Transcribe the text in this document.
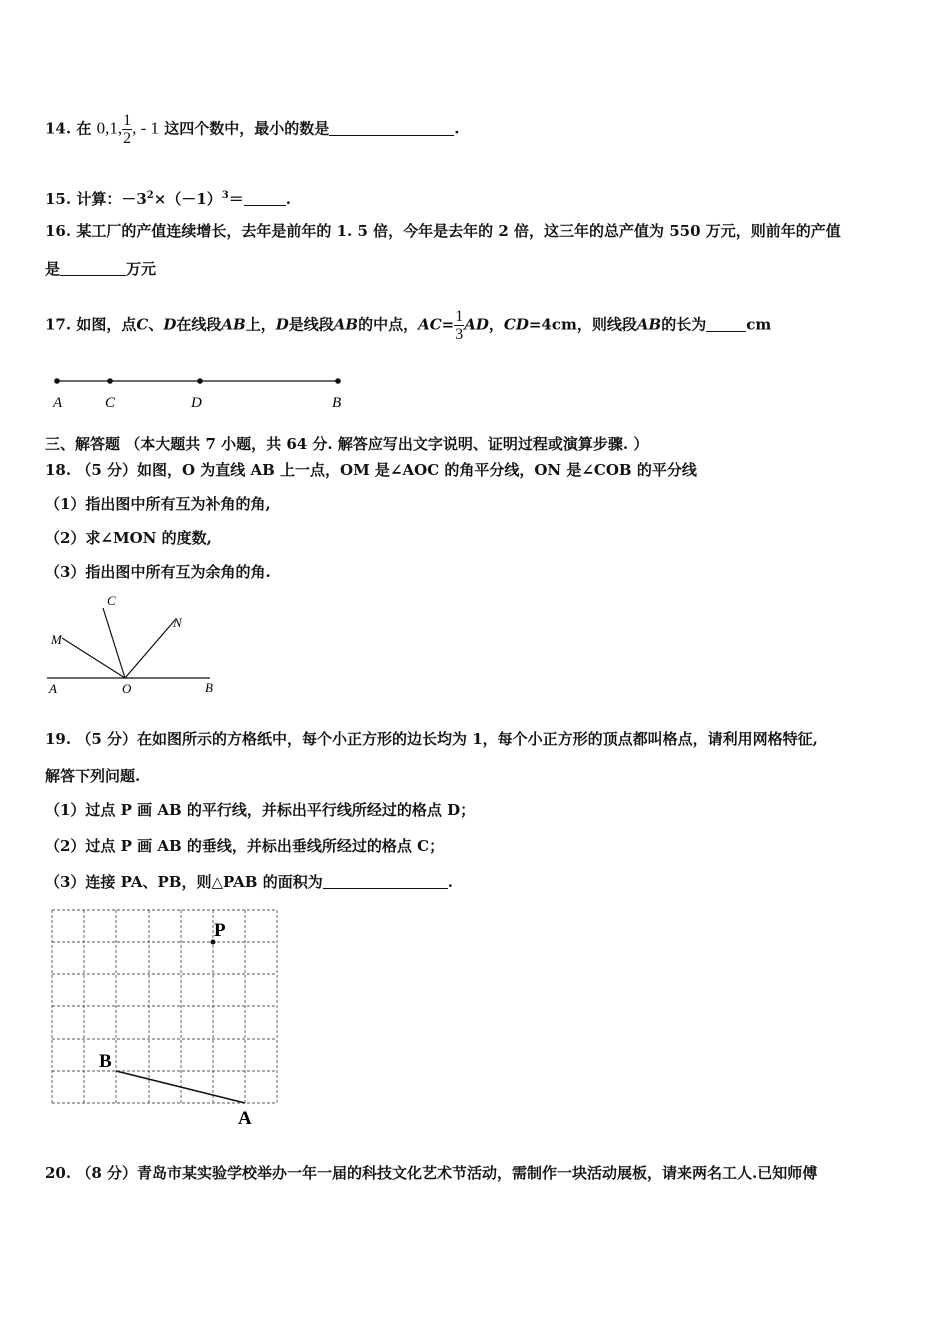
14. 在 0,1, $\frac{1}{2}$ , - 1 这四个数中，最小的数是	.
15. 计算：$-3^2\times(-1)^3=$	.
16. 某工厂的产值连续增长，去年是前年的 1. 5 倍，今年是去年的 2 倍，这三年的总产值为 550 万元，则前年的产值
是	万元
17. 如图，点C、D在线段AB上，D是线段AB的中点，$AC= \frac{1}{3}$ AD，CD=4cm，则线段AB的长为	cm
A	C	D	B
三、解答题 （本大题共 7 小题，共 64 分. 解答应写出文字说明、证明过程或演算步骤. ）
18. （5 分）如图，O 为直线 AB 上一点，OM 是∠AOC 的角平分线，ON 是∠COB 的平分线
（1）指出图中所有互为补角的角,
（2）求∠MON 的度数,
（3）指出图中所有互为余角的角.
C
N
M
A	O	B
19. （5 分）在如图所示的方格纸中，每个小正方形的边长均为 1，每个小正方形的顶点都叫格点，请利用网格特征,
解答下列问题.
（1）过点 P 画 AB 的平行线，并标出平行线所经过的格点 D；
（2）过点 P 画 AB 的垂线，并标出垂线所经过的格点 C；
（3）连接 PA、PB，则△PAB 的面积为	.
P
B
A
20. （8 分）青岛市某实验学校举办一年一届的科技文化艺术节活动，需制作一块活动展板，请来两名工人.已知师傅
